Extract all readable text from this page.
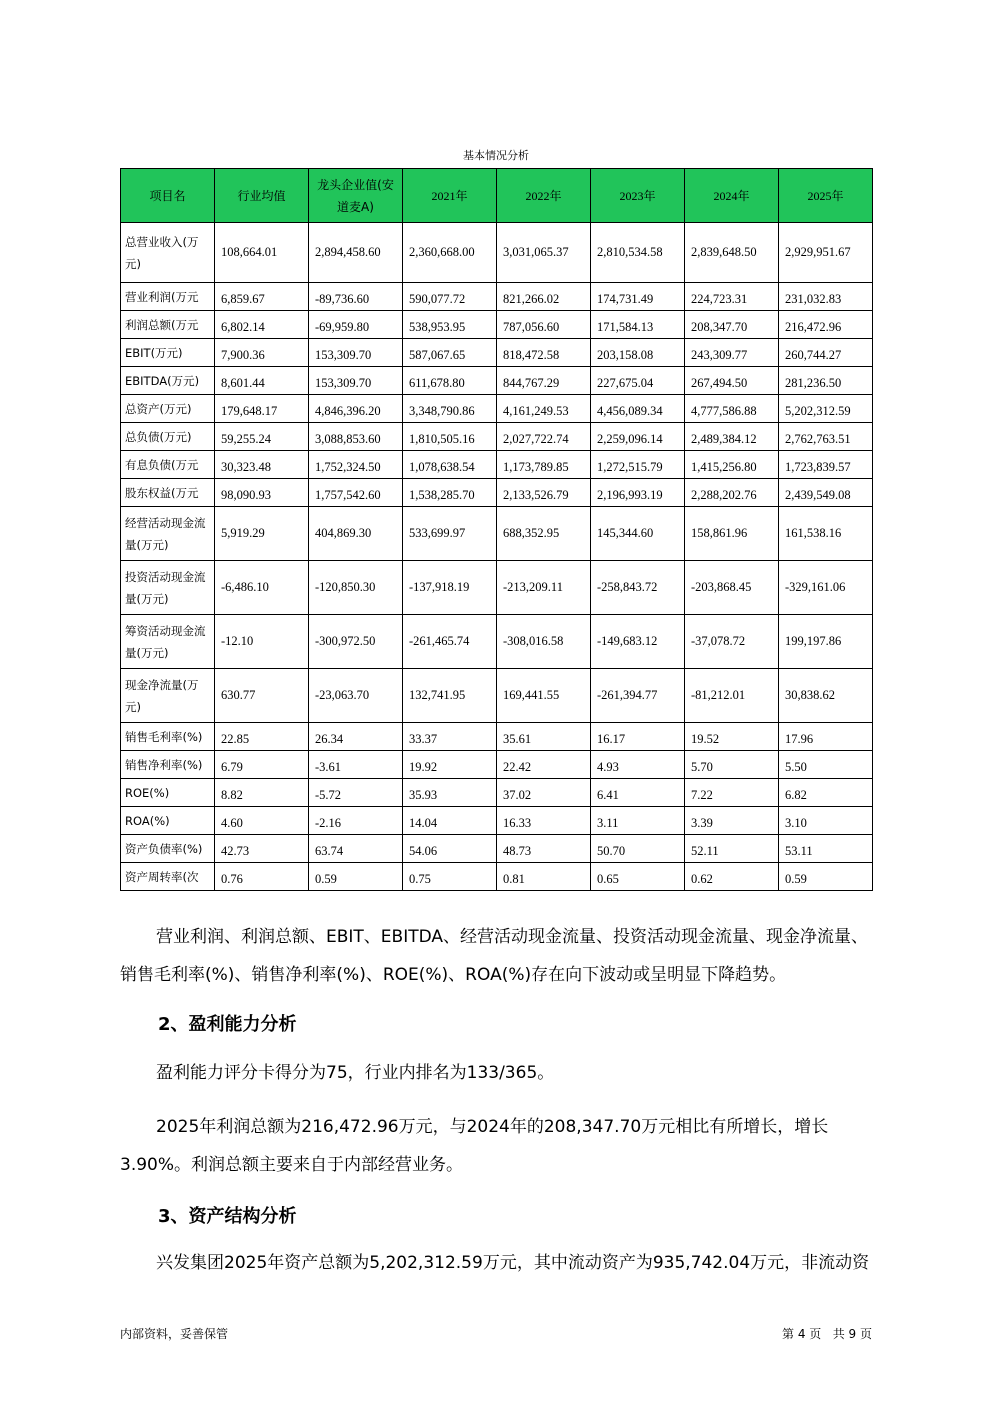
基本情况分析
项目名	行业均值	龙头企业值(安道麦A)	2021年	2022年	2023年	2024年	2025年
总营业收入(万元)	108,664.01	2,894,458.60	2,360,668.00	3,031,065.37	2,810,534.58	2,839,648.50	2,929,951.67
营业利润(万元	6,859.67	-89,736.60	590,077.72	821,266.02	174,731.49	224,723.31	231,032.83
利润总额(万元	6,802.14	-69,959.80	538,953.95	787,056.60	171,584.13	208,347.70	216,472.96
EBIT(万元)	7,900.36	153,309.70	587,067.65	818,472.58	203,158.08	243,309.77	260,744.27
EBITDA(万元)	8,601.44	153,309.70	611,678.80	844,767.29	227,675.04	267,494.50	281,236.50
总资产(万元)	179,648.17	4,846,396.20	3,348,790.86	4,161,249.53	4,456,089.34	4,777,586.88	5,202,312.59
总负债(万元)	59,255.24	3,088,853.60	1,810,505.16	2,027,722.74	2,259,096.14	2,489,384.12	2,762,763.51
有息负债(万元	30,323.48	1,752,324.50	1,078,638.54	1,173,789.85	1,272,515.79	1,415,256.80	1,723,839.57
股东权益(万元	98,090.93	1,757,542.60	1,538,285.70	2,133,526.79	2,196,993.19	2,288,202.76	2,439,549.08
经营活动现金流量(万元)	5,919.29	404,869.30	533,699.97	688,352.95	145,344.60	158,861.96	161,538.16
投资活动现金流量(万元)	-6,486.10	-120,850.30	-137,918.19	-213,209.11	-258,843.72	-203,868.45	-329,161.06
筹资活动现金流量(万元)	-12.10	-300,972.50	-261,465.74	-308,016.58	-149,683.12	-37,078.72	199,197.86
现金净流量(万元)	630.77	-23,063.70	132,741.95	169,441.55	-261,394.77	-81,212.01	30,838.62
销售毛利率(%)	22.85	26.34	33.37	35.61	16.17	19.52	17.96
销售净利率(%)	6.79	-3.61	19.92	22.42	4.93	5.70	5.50
ROE(%)	8.82	-5.72	35.93	37.02	6.41	7.22	6.82
ROA(%)	4.60	-2.16	14.04	16.33	3.11	3.39	3.10
资产负债率(%)	42.73	63.74	54.06	48.73	50.70	52.11	53.11
资产周转率(次	0.76	0.59	0.75	0.81	0.65	0.62	0.59

营业利润、利润总额、EBIT、EBITDA、经营活动现金流量、投资活动现金流量、现金净流量、销售毛利率(%)、销售净利率(%)、ROE(%)、ROA(%)存在向下波动或呈明显下降趋势。

2、盈利能力分析

盈利能力评分卡得分为75，行业内排名为133/365。

2025年利润总额为216,472.96万元，与2024年的208,347.70万元相比有所增长，增长3.90%。利润总额主要来自于内部经营业务。

3、资产结构分析

兴发集团2025年资产总额为5,202,312.59万元，其中流动资产为935,742.04万元，非流动资

内部资料，妥善保管	第 4 页   共 9 页
